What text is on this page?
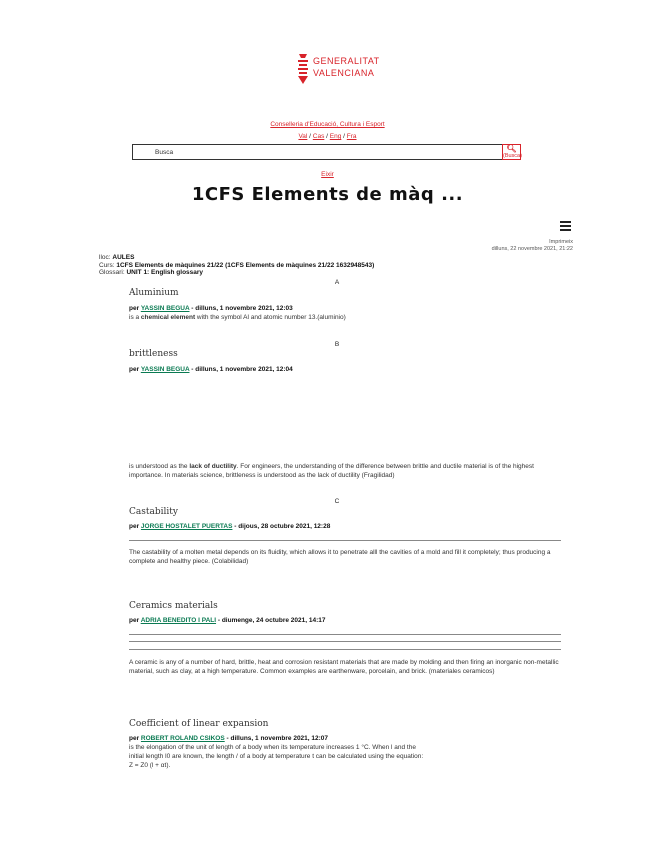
GENERALITAT
VALENCIANA
Conselleria d'Educació, Cultura i Esport
Val / Cas / Eng / Fra
Busca	🔍︎
(Busca)
Eixir
1CFS Elements de màq ...
Imprimeix
dilluns, 22 novembre 2021, 21:22
lloc: AULES
Curs: 1CFS Elements de màquines 21/22 (1CFS Elements de màquines 21/22 1632948543)
Glossari: UNIT 1: English glossary
A
Aluminium
per YASSIN BEGUA - dilluns, 1 novembre 2021, 12:03
is a chemical element with the symbol Al and atomic number 13.(aluminio)
B
brittleness
per YASSIN BEGUA - dilluns, 1 novembre 2021, 12:04
is understood as the lack of ductility. For engineers, the understanding of the difference between brittle and ductile material is of the highest importance. In materials science, brittleness is understood as the lack of ductility (Fragilidad)
C
Castability
per JORGE HOSTALET PUERTAS - dijous, 28 octubre 2021, 12:28
The castability of a molten metal depends on its fluidity, which allows it to penetrate alll the cavities of a mold and fill it completely; thus producing a complete and healthy piece. (Colabilidad)
Ceramics materials
per ADRIA BENEDITO I PALI - diumenge, 24 octubre 2021, 14:17
A ceramic is any of a number of hard, brittle, heat and corrosion resistant materials that are made by molding and then firing an inorganic non-metallic material, such as clay, at a high temperature. Common examples are earthenware, porcelain, and brick. (materiales ceramicos)
Coefficient of linear expansion
per ROBERT ROLAND CSIKOS - dilluns, 1 novembre 2021, 12:07
is the elongation of the unit of length of a body when its temperature increases 1 °C. When l and the
initial length l0 are known, the length / of a body at temperature t can be calculated using the equation:
Z = Z0 (l + αt).
